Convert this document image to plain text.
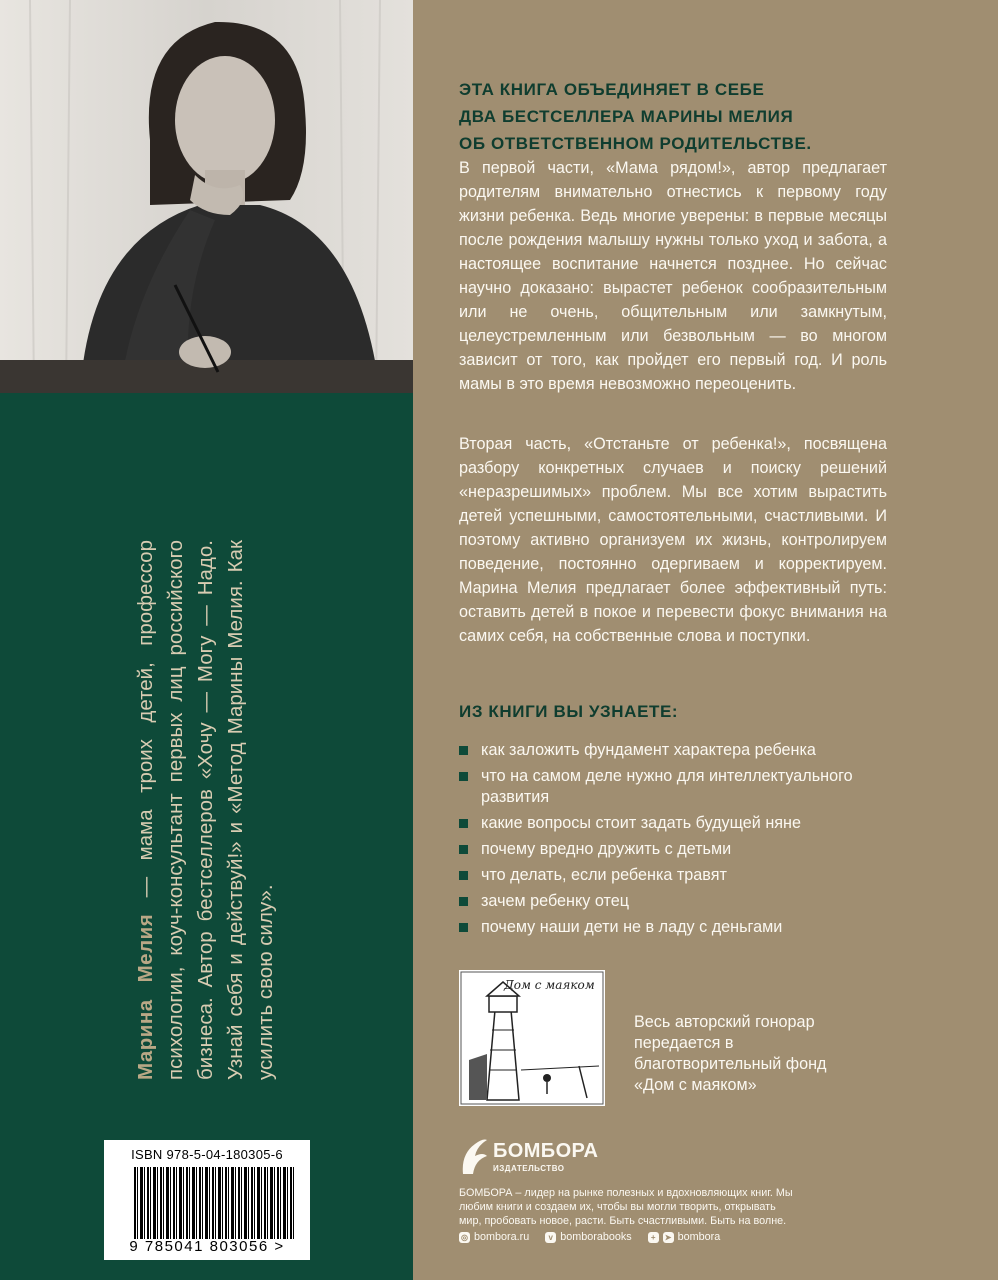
Марина Мелия — мама троих детей, профессор психологии, коуч-консультант первых лиц российского бизнеса. Автор бестселлеров «Хочу — Могу — Надо. Узнай себя и действуй!» и «Метод Марины Мелия. Как усилить свою силу».
ISBN 978-5-04-180305-6
9 785041 803056 >
ЭТА КНИГА ОБЪЕДИНЯЕТ В СЕБЕ
ДВА БЕСТСЕЛЛЕРА МАРИНЫ МЕЛИЯ
ОБ ОТВЕТСТВЕННОМ РОДИТЕЛЬСТВЕ.

В первой части, «Мама рядом!», автор предлагает родителям внимательно отнестись к первому году жизни ребенка. Ведь многие уверены: в первые месяцы после рождения малышу нужны только уход и забота, а настоящее воспитание начнется позднее. Но сейчас научно доказано: вырастет ребенок сообразительным или не очень, общительным или замкнутым, целеустремленным или безвольным — во многом зависит от того, как пройдет его первый год. И роль мамы в это время невозможно переоценить.

Вторая часть, «Отстаньте от ребенка!», посвящена разбору конкретных случаев и поиску решений «неразрешимых» проблем. Мы все хотим вырастить детей успешными, самостоятельными, счастливыми. И поэтому активно организуем их жизнь, контролируем поведение, постоянно одергиваем и корректируем. Марина Мелия предлагает более эффективный путь: оставить детей в покое и перевести фокус внимания на самих себя, на собственные слова и поступки.

ИЗ КНИГИ ВЫ УЗНАЕТЕ:
как заложить фундамент характера ребенка
что на самом деле нужно для интеллектуального развития
какие вопросы стоит задать будущей няне
почему вредно дружить с детьми
что делать, если ребенка травят
зачем ребенку отец
почему наши дети не в ладу с деньгами
Дом с маяком
Весь авторский гонорар передается в благотворительный фонд «Дом с маяком»
БОМБОРА
ИЗДАТЕЛЬСТВО
БОМБОРА – лидер на рынке полезных и вдохновляющих книг. Мы любим книги и создаем их, чтобы вы могли творить, открывать мир, пробовать новое, расти. Быть счастливыми. Быть на волне.
◎ bombora.ru	v bomborabooks	+	➤ bombora
